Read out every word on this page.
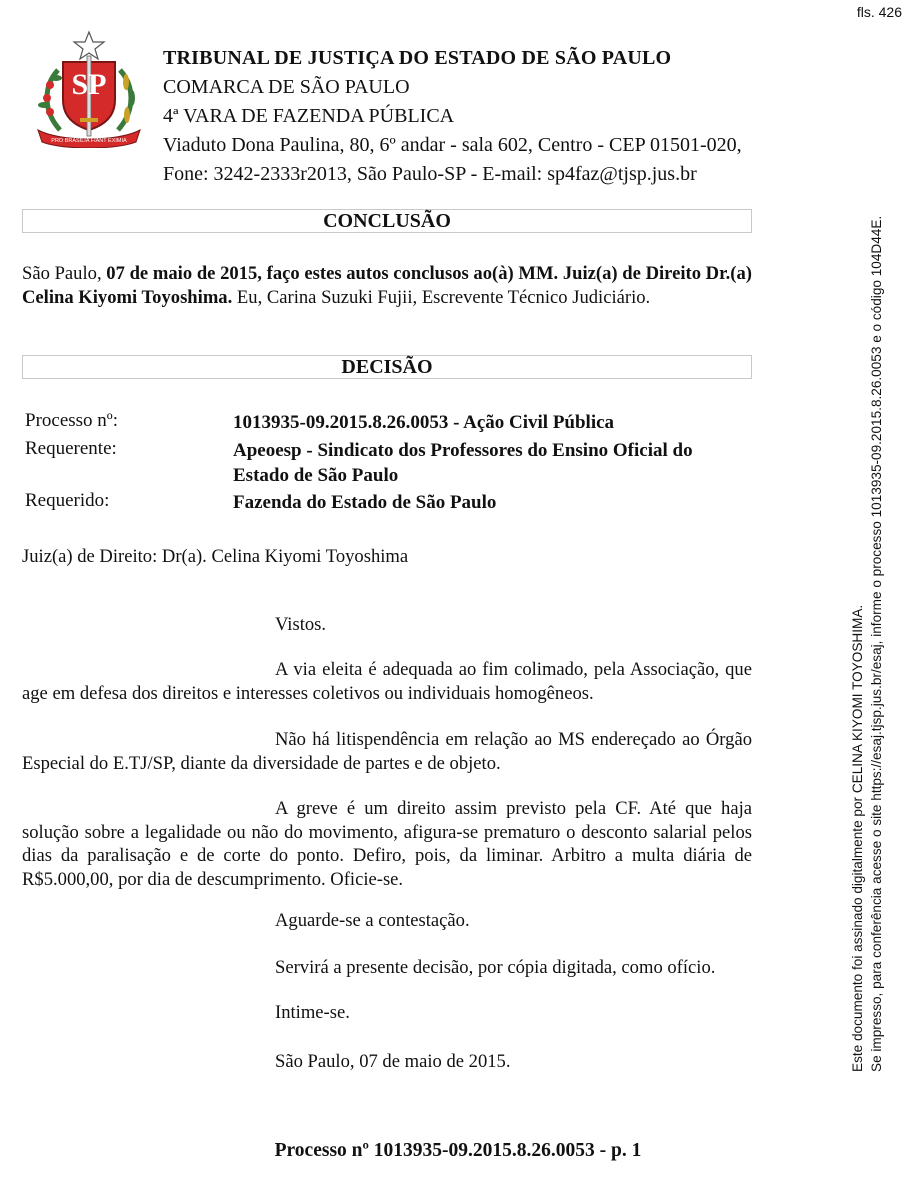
fls. 426
SP
PRO BRASILIA FIANT EXIMIA
TRIBUNAL DE JUSTIÇA DO ESTADO DE SÃO PAULO
COMARCA DE SÃO PAULO
4ª VARA DE FAZENDA PÚBLICA
Viaduto Dona Paulina, 80, 6º andar - sala 602, Centro - CEP 01501-020,
Fone: 3242-2333r2013, São Paulo-SP - E-mail: sp4faz@tjsp.jus.br
CONCLUSÃO
São Paulo, 07 de maio de 2015, faço estes autos conclusos ao(à) MM. Juiz(a) de Direito Dr.(a) Celina Kiyomi Toyoshima. Eu, Carina Suzuki Fujii, Escrevente Técnico Judiciário.
DECISÃO
Processo nº:	1013935-09.2015.8.26.0053 - Ação Civil Pública
Requerente:	Apeoesp - Sindicato dos Professores do Ensino Oficial do Estado de São Paulo
Requerido:	Fazenda do Estado de São Paulo
Juiz(a) de Direito: Dr(a). Celina Kiyomi Toyoshima
Vistos.
A via eleita é adequada ao fim colimado, pela Associação, que age em defesa dos direitos e interesses coletivos ou individuais homogêneos.
Não há litispendência em relação ao MS endereçado ao Órgão Especial do E.TJ/SP, diante da diversidade de partes e de objeto.
A greve é um direito assim previsto pela CF. Até que haja solução sobre a legalidade ou não do movimento, afigura-se prematuro o desconto salarial pelos dias da paralisação e de corte do ponto. Defiro, pois, da liminar. Arbitro a multa diária de R$5.000,00, por dia de descumprimento. Oficie-se.
Aguarde-se a contestação.
Servirá a presente decisão, por cópia digitada, como ofício.
Intime-se.
São Paulo, 07 de maio de 2015.
Processo nº 1013935-09.2015.8.26.0053 - p. 1
Este documento foi assinado digitalmente por CELINA KIYOMI TOYOSHIMA. Se impresso, para conferência acesse o site https://esaj.tjsp.jus.br/esaj, informe o processo 1013935-09.2015.8.26.0053 e o código 104D44E.
